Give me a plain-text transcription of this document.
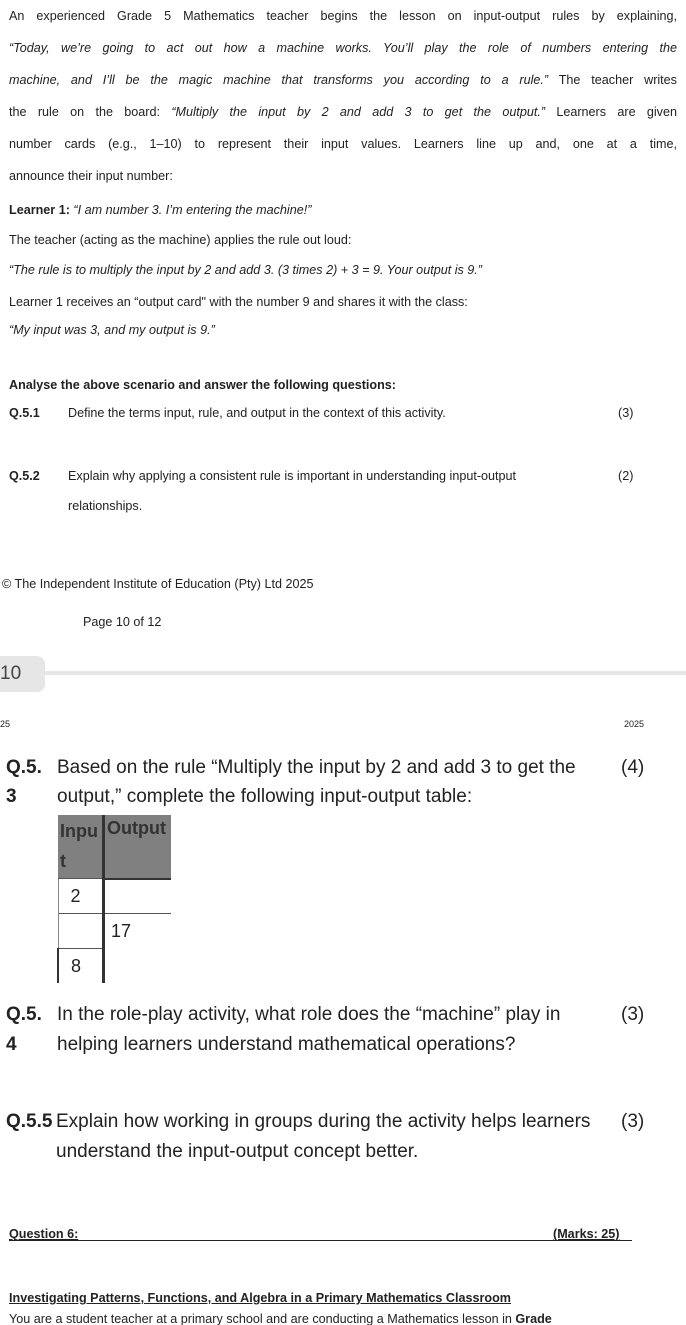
An experienced Grade 5 Mathematics teacher begins the lesson on input-output rules by explaining,
“Today, we’re going to act out how a machine works. You’ll play the role of numbers entering the
machine, and I’ll be the magic machine that transforms you according to a rule.” The teacher writes
the rule on the board: “Multiply the input by 2 and add 3 to get the output.” Learners are given
number cards (e.g., 1–10) to represent their input values. Learners line up and, one at a time,
announce their input number:
Learner 1: “I am number 3. I’m entering the machine!”
The teacher (acting as the machine) applies the rule out loud:
“The rule is to multiply the input by 2 and add 3. (3 times 2) + 3 = 9. Your output is 9.”
Learner 1 receives an “output card" with the number 9 and shares it with the class:
“My input was 3, and my output is 9.”
Analyse the above scenario and answer the following questions:
Q.5.1 Define the terms input, rule, and output in the context of this activity.	(3)
Q.5.2 Explain why applying a consistent rule is important in understanding input-output
relationships.
(2)
© The Independent Institute of Education (Pty) Ltd 2025
Page 10 of 12
10
25	2025
Q.5.
3
Based on the rule “Multiply the input by 2 and add 3 to get the
output,” complete the following input-output table:
(4)
Inpu t	Output
2	
	17
8	
Q.5.
4
In the role-play activity, what role does the “machine” play in
helping learners understand mathematical operations?
(3)
Q.5.5 Explain how working in groups during the activity helps learners
understand the input-output concept better.
(3)
Question 6:	(Marks: 25)
Investigating Patterns, Functions, and Algebra in a Primary Mathematics Classroom
You are a student teacher at a primary school and are conducting a Mathematics lesson in Grade
